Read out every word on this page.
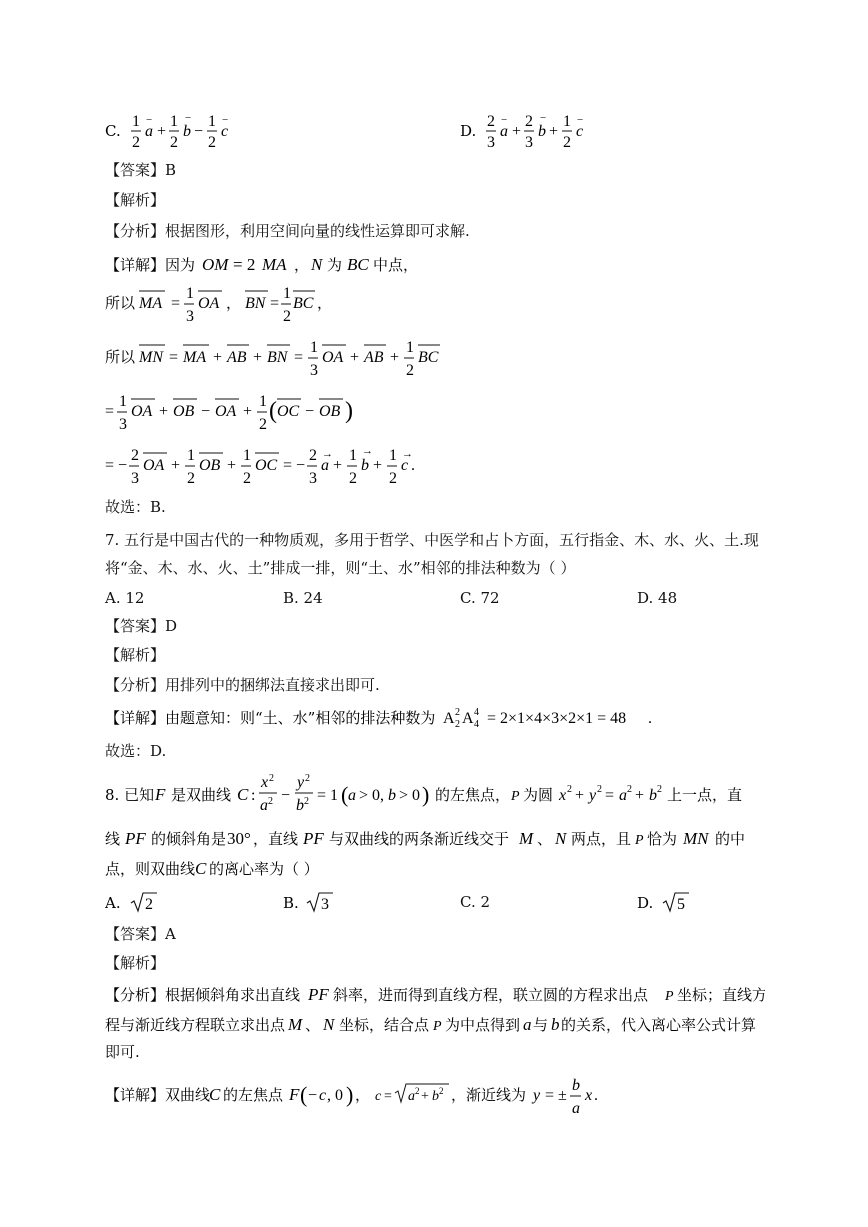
C.
1
2
a
−
+
1
2
b
−
−
1
2
c
−
D.
2
3
a
−
+
2
3
b
−
+
1
2
c
−
【答案】B
【解析】
【分析】根据图形，利用空间向量的线性运算即可求解.
【详解】因为 OM = 2 MA ， N 为 BC 中点，
所以 MA =
1
3
OA ， BN =
1
2
BC ，
所以 MN = MA + AB + BN =
1
3
OA + AB +
1
2
BC
=
1
3
OA + OB − OA +
1
2
( OC − OB )
= −
2
3
OA +
1
2
OB +
1
2
OC = −
2
3
a
→
+
1
2
b
→
+
1
2
c
→
.
故选：B.
7. 五行是中国古代的一种物质观，多用于哲学、中医学和占卜方面，五行指金、木、水、火、土.现
将“金、木、水、火、土”排成一排，则“土、水”相邻的排法种数为（ ）
A. 12	B. 24	C. 72	D. 48
【答案】D
【解析】
【分析】用排列中的捆绑法直接求出即可.
【详解】由题意知：则“土、水”相邻的排法种数为 A 2
2 A 4
4 = 2×1×4×3×2×1 = 48 .
故选：D.
8. 已知 F 是双曲线 C :
x 2
a 2 −
y 2
b 2 = 1 ( a > 0, b > 0 ) 的左焦点， P 为圆 x 2 + y 2 = a 2 + b 2 上一点，直
线 PF 的倾斜角是 30° ，直线 PF 与双曲线的两条渐近线交于 M 、 N 两点，且 P 恰为 MN 的中
点，则双曲线 C 的离心率为（ ）
A. 2	B. 3	C. 2	D. 5
【答案】A
【解析】
【分析】根据倾斜角求出直线 PF 斜率，进而得到直线方程，联立圆的方程求出点 P 坐标；直线方
程与渐近线方程联立求出点 M 、 N 坐标，结合点 P 为中点得到 a 与 b 的关系，代入离心率公式计算
即可.
【详解】双曲线
C 的左焦点 F ( − c , 0 ) ， c = a 2 + b 2 ，渐近线为 y = ±
b
a
x .
